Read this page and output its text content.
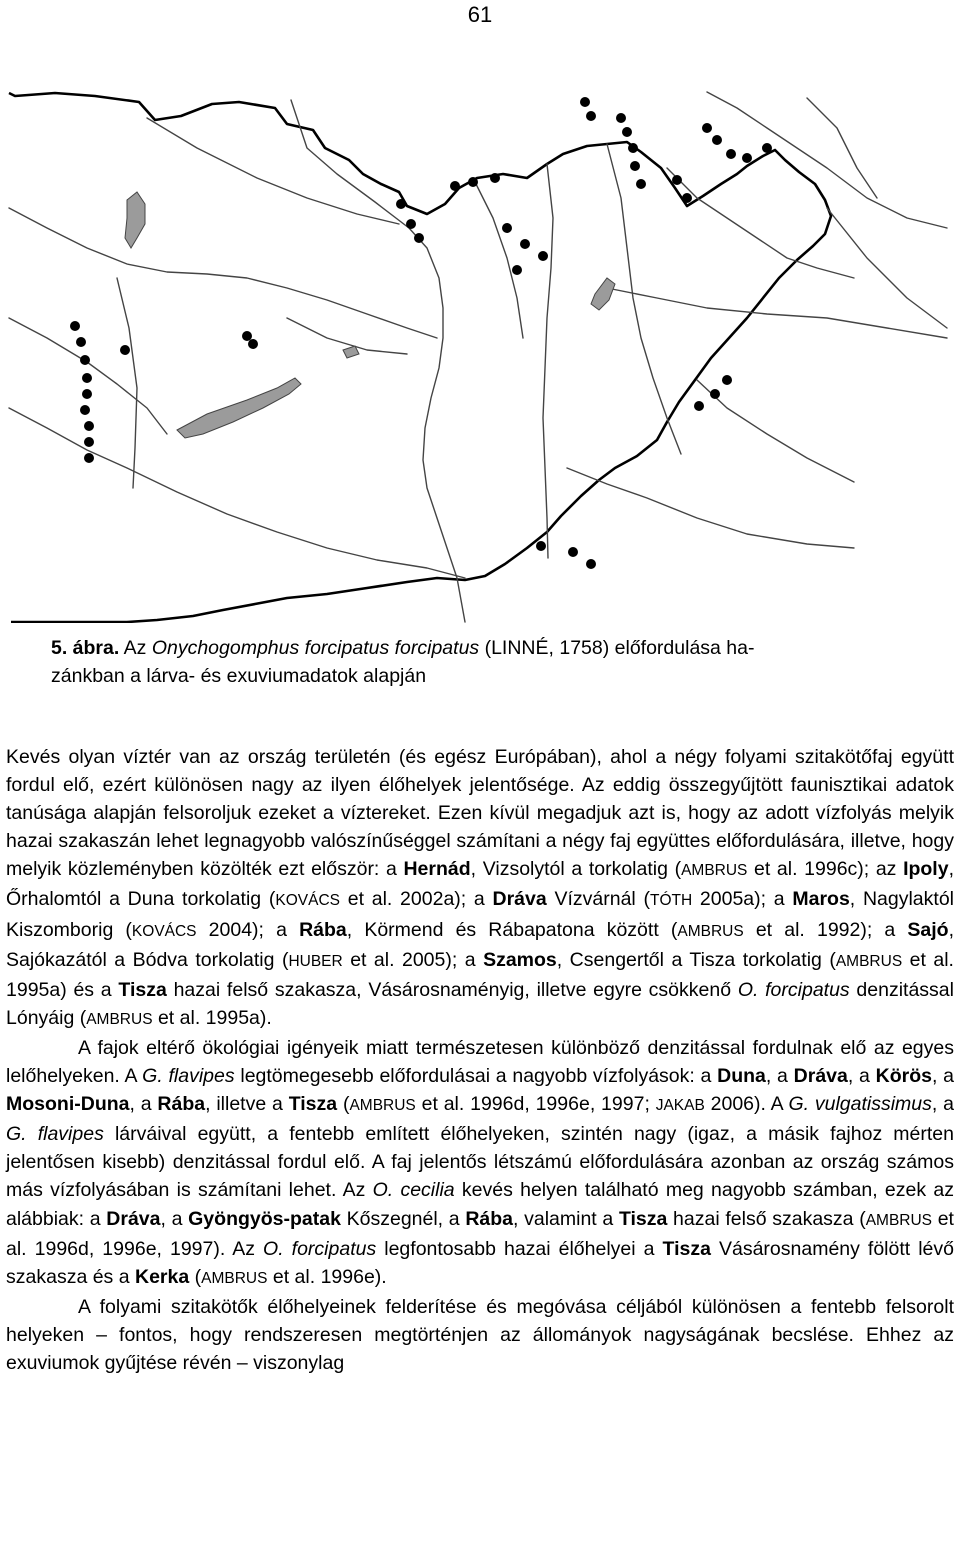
61
5. ábra. Az Onychogomphus forcipatus forcipatus (LINNÉ, 1758) előfordulása ha-
zánkban a lárva- és exuviumadatok alapján

Kevés olyan víztér van az ország területén (és egész Európában), ahol a négy folyami szitakötőfaj együtt fordul elő, ezért különösen nagy az ilyen élőhelyek jelentősége. Az eddig összegyűjtött faunisztikai adatok tanúsága alapján felsoroljuk ezeket a víztereket. Ezen kívül megadjuk azt is, hogy az adott vízfolyás melyik hazai szakaszán lehet legnagyobb valószínűséggel számítani a négy faj együttes előfordulására, illetve, hogy melyik közleményben közölték ezt először: a Hernád, Vizsolytól a torkolatig (AMBRUS et al. 1996c); az Ipoly, Őrhalomtól a Duna torkolatig (KOVÁCS et al. 2002a); a Dráva Vízvárnál (TÓTH 2005a); a Maros, Nagylaktól Kiszomborig (KOVÁCS 2004); a Rába, Körmend és Rábapatona között (AMBRUS et al. 1992); a Sajó, Sajókazától a Bódva torkolatig (HUBER et al. 2005); a Szamos, Csengertől a Tisza torkolatig (AMBRUS et al. 1995a) és a Tisza hazai felső szakasza, Vásárosnaményig, illetve egyre csökkenő O. forcipatus denzitással Lónyáig (AMBRUS et al. 1995a).

A fajok eltérő ökológiai igényeik miatt természetesen különböző denzitással fordulnak elő az egyes lelőhelyeken. A G. flavipes legtömegesebb előfordulásai a nagyobb vízfolyások: a Duna, a Dráva, a Körös, a Mosoni-Duna, a Rába, illetve a Tisza (AMBRUS et al. 1996d, 1996e, 1997; JAKAB 2006). A G. vulgatissimus, a G. flavipes lárváival együtt, a fentebb említett élőhelyeken, szintén nagy (igaz, a másik fajhoz mérten jelentősen kisebb) denzitással fordul elő. A faj jelentős létszámú előfordulására azonban az ország számos más vízfolyásában is számítani lehet. Az O. cecilia kevés helyen található meg nagyobb számban, ezek az alábbiak: a Dráva, a Gyöngyös-patak Kőszegnél, a Rába, valamint a Tisza hazai felső szakasza (AMBRUS et al. 1996d, 1996e, 1997). Az O. forcipatus legfontosabb hazai élőhelyei a Tisza Vásárosnamény fölött lévő szakasza és a Kerka (AMBRUS et al. 1996e).

A folyami szitakötők élőhelyeinek felderítése és megóvása céljából különösen a fentebb felsorolt helyeken – fontos, hogy rendszeresen megtörténjen az állományok nagyságának becslése. Ehhez az exuviumok gyűjtése révén – viszonylag
